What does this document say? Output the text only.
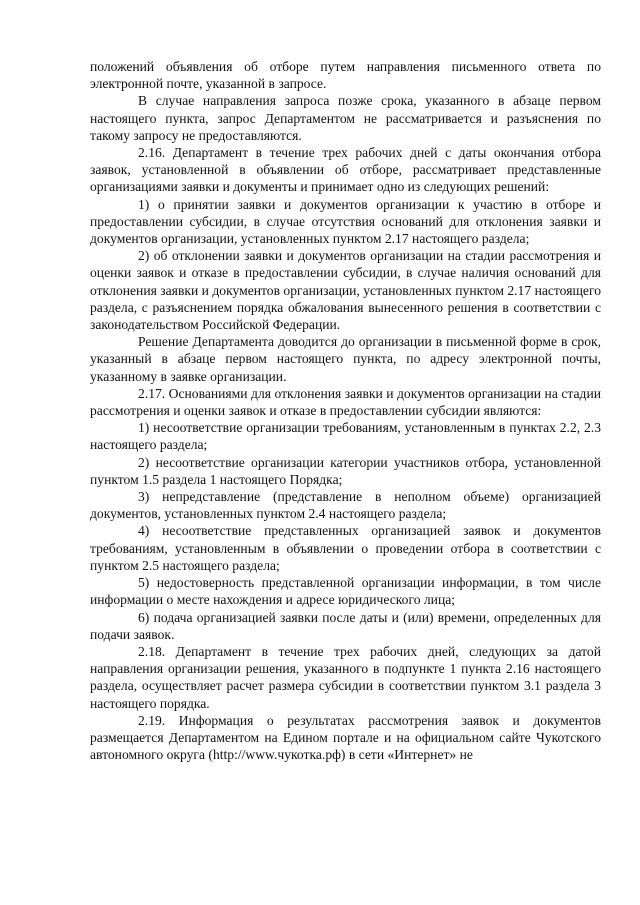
положений объявления об отборе путем направления письменного ответа по электронной почте, указанной в запросе.

В случае направления запроса позже срока, указанного в абзаце первом настоящего пункта, запрос Департаментом не рассматривается и разъяснения по такому запросу не предоставляются.

2.16. Департамент в течение трех рабочих дней с даты окончания отбора заявок, установленной в объявлении об отборе, рассматривает представленные организациями заявки и документы и принимает одно из следующих решений:

1) о принятии заявки и документов организации к участию в отборе и предоставлении субсидии, в случае отсутствия оснований для отклонения заявки и документов организации, установленных пунктом 2.17 настоящего раздела;

2) об отклонении заявки и документов организации на стадии рассмотрения и оценки заявок и отказе в предоставлении субсидии, в случае наличия оснований для отклонения заявки и документов организации, установленных пунктом 2.17 настоящего раздела, с разъяснением порядка обжалования вынесенного решения в соответствии с законодательством Российской Федерации.

Решение Департамента доводится до организации в письменной форме в срок, указанный в абзаце первом настоящего пункта, по адресу электронной почты, указанному в заявке организации.

2.17. Основаниями для отклонения заявки и документов организации на стадии рассмотрения и оценки заявок и отказе в предоставлении субсидии являются:

1) несоответствие организации требованиям, установленным в пунктах 2.2, 2.3 настоящего раздела;

2) несоответствие организации категории участников отбора, установленной пунктом 1.5 раздела 1 настоящего Порядка;

3) непредставление (представление в неполном объеме) организацией документов, установленных пунктом 2.4 настоящего раздела;

4) несоответствие представленных организацией заявок и документов требованиям, установленным в объявлении о проведении отбора в соответствии с пунктом 2.5 настоящего раздела;

5) недостоверность представленной организации информации, в том числе информации о месте нахождения и адресе юридического лица;

6) подача организацией заявки после даты и (или) времени, определенных для подачи заявок.

2.18. Департамент в течение трех рабочих дней, следующих за датой направления организации решения, указанного в подпункте 1 пункта 2.16 настоящего раздела, осуществляет расчет размера субсидии в соответствии пунктом 3.1 раздела 3 настоящего порядка.

2.19. Информация о результатах рассмотрения заявок и документов размещается Департаментом на Едином портале и на официальном сайте Чукотского автономного округа (http://www.чукотка.рф) в сети «Интернет» не
